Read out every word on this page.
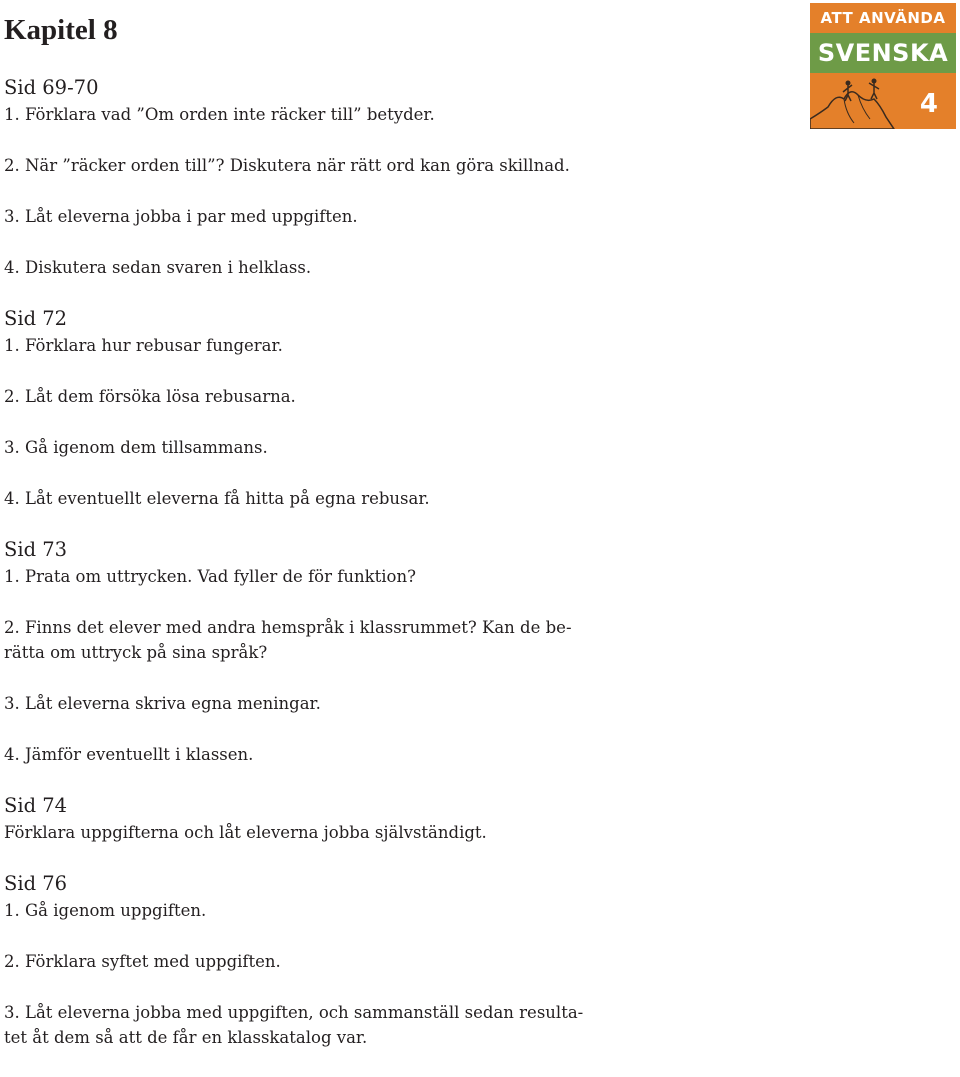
Kapitel 8	ATT ANVÄNDA
SVENSKA
4

Sid 69-70

1. Förklara vad ”Om orden inte räcker till” betyder.

2. När ”räcker orden till”? Diskutera när rätt ord kan göra skillnad.

3. Låt eleverna jobba i par med uppgiften.

4. Diskutera sedan svaren i helklass.

Sid 72

1. Förklara hur rebusar fungerar.

2. Låt dem försöka lösa rebusarna.

3. Gå igenom dem tillsammans.

4. Låt eventuellt eleverna få hitta på egna rebusar.

Sid 73

1. Prata om uttrycken. Vad fyller de för funktion?

2. Finns det elever med andra hemspråk i klassrummet? Kan de be-
rätta om uttryck på sina språk?

3. Låt eleverna skriva egna meningar.

4. Jämför eventuellt i klassen.

Sid 74

Förklara uppgifterna och låt eleverna jobba självständigt.

Sid 76

1. Gå igenom uppgiften.

2. Förklara syftet med uppgiften.

3. Låt eleverna jobba med uppgiften, och sammanställ sedan resulta-
tet åt dem så att de får en klasskatalog var.
